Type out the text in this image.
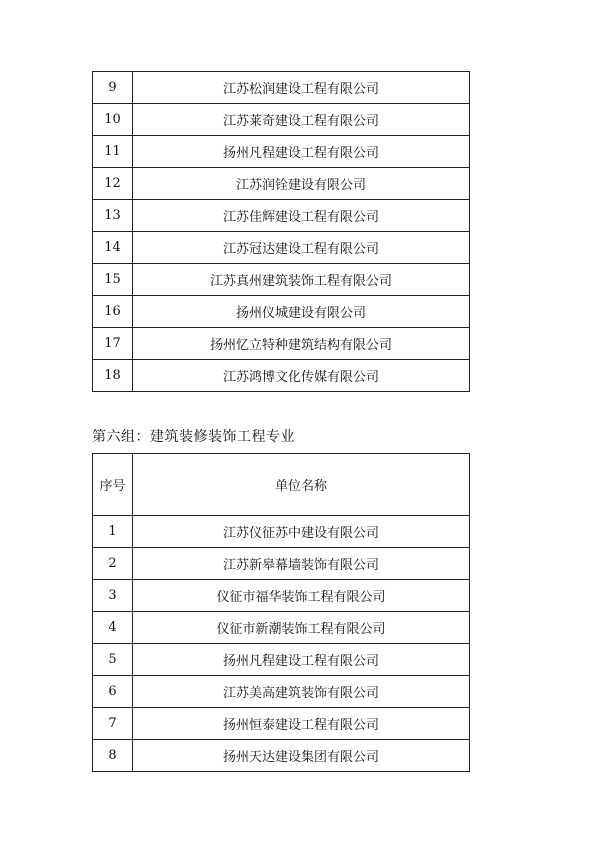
9	江苏松润建设工程有限公司
10	江苏莱奇建设工程有限公司
11	扬州凡程建设工程有限公司
12	江苏润铨建设有限公司
13	江苏佳辉建设工程有限公司
14	江苏冠达建设工程有限公司
15	江苏真州建筑装饰工程有限公司
16	扬州仪城建设有限公司
17	扬州忆立特种建筑结构有限公司
18	江苏鸿博文化传媒有限公司

第六组：建筑装修装饰工程专业

序号	单位名称
1	江苏仪征苏中建设有限公司
2	江苏新皋幕墙装饰有限公司
3	仪征市福华装饰工程有限公司
4	仪征市新潮装饰工程有限公司
5	扬州凡程建设工程有限公司
6	江苏美高建筑装饰有限公司
7	扬州恒泰建设工程有限公司
8	扬州天达建设集团有限公司
